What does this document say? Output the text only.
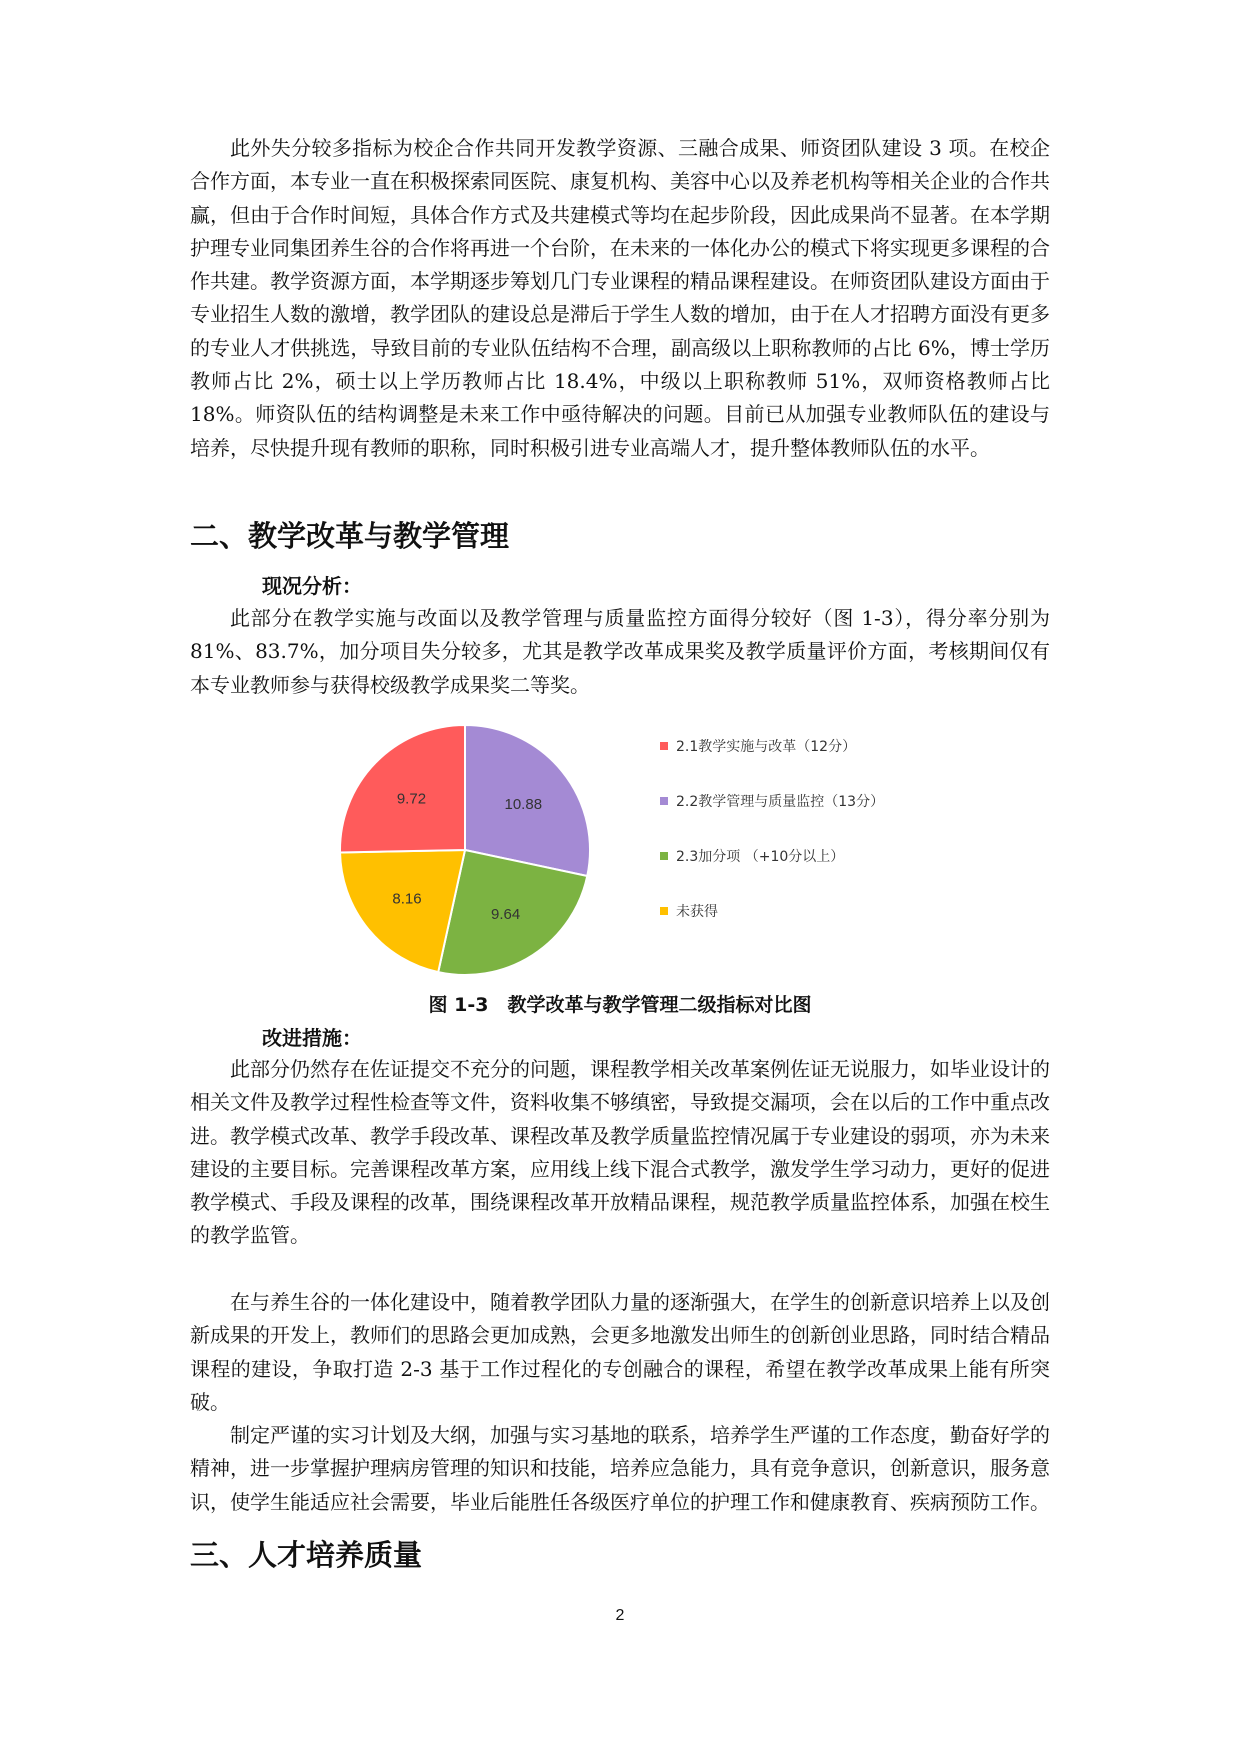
此外失分较多指标为校企合作共同开发教学资源、三融合成果、师资团队建设 3 项。在校企合作方面，本专业一直在积极探索同医院、康复机构、美容中心以及养老机构等相关企业的合作共赢，但由于合作时间短，具体合作方式及共建模式等均在起步阶段，因此成果尚不显著。在本学期护理专业同集团养生谷的合作将再进一个台阶，在未来的一体化办公的模式下将实现更多课程的合作共建。教学资源方面，本学期逐步筹划几门专业课程的精品课程建设。在师资团队建设方面由于专业招生人数的激增，教学团队的建设总是滞后于学生人数的增加，由于在人才招聘方面没有更多的专业人才供挑选，导致目前的专业队伍结构不合理，副高级以上职称教师的占比 6%，博士学历教师占比 2%，硕士以上学历教师占比 18.4%，中级以上职称教师 51%，双师资格教师占比 18%。师资队伍的结构调整是未来工作中亟待解决的问题。目前已从加强专业教师队伍的建设与培养，尽快提升现有教师的职称，同时积极引进专业高端人才，提升整体教师队伍的水平。

二、教学改革与教学管理

现况分析：

此部分在教学实施与改面以及教学管理与质量监控方面得分较好（图 1-3），得分率分别为 81%、83.7%，加分项目失分较多，尤其是教学改革成果奖及教学质量评价方面，考核期间仅有本专业教师参与获得校级教学成果奖二等奖。

10.88
9.64
8.16
9.72
2.1教学实施与改革（12分）
2.2教学管理与质量监控（13分）
2.3加分项 （+10分以上）
未获得

图 1-3　教学改革与教学管理二级指标对比图

改进措施：

此部分仍然存在佐证提交不充分的问题，课程教学相关改革案例佐证无说服力，如毕业设计的相关文件及教学过程性检查等文件，资料收集不够缜密，导致提交漏项，会在以后的工作中重点改进。教学模式改革、教学手段改革、课程改革及教学质量监控情况属于专业建设的弱项，亦为未来建设的主要目标。完善课程改革方案，应用线上线下混合式教学，激发学生学习动力，更好的促进教学模式、手段及课程的改革，围绕课程改革开放精品课程，规范教学质量监控体系，加强在校生的教学监管。

在与养生谷的一体化建设中，随着教学团队力量的逐渐强大，在学生的创新意识培养上以及创新成果的开发上，教师们的思路会更加成熟，会更多地激发出师生的创新创业思路，同时结合精品课程的建设，争取打造 2-3 基于工作过程化的专创融合的课程，希望在教学改革成果上能有所突破。

制定严谨的实习计划及大纲，加强与实习基地的联系，培养学生严谨的工作态度，勤奋好学的精神，进一步掌握护理病房管理的知识和技能，培养应急能力，具有竞争意识，创新意识，服务意识，使学生能适应社会需要，毕业后能胜任各级医疗单位的护理工作和健康教育、疾病预防工作。

三、人才培养质量
2
